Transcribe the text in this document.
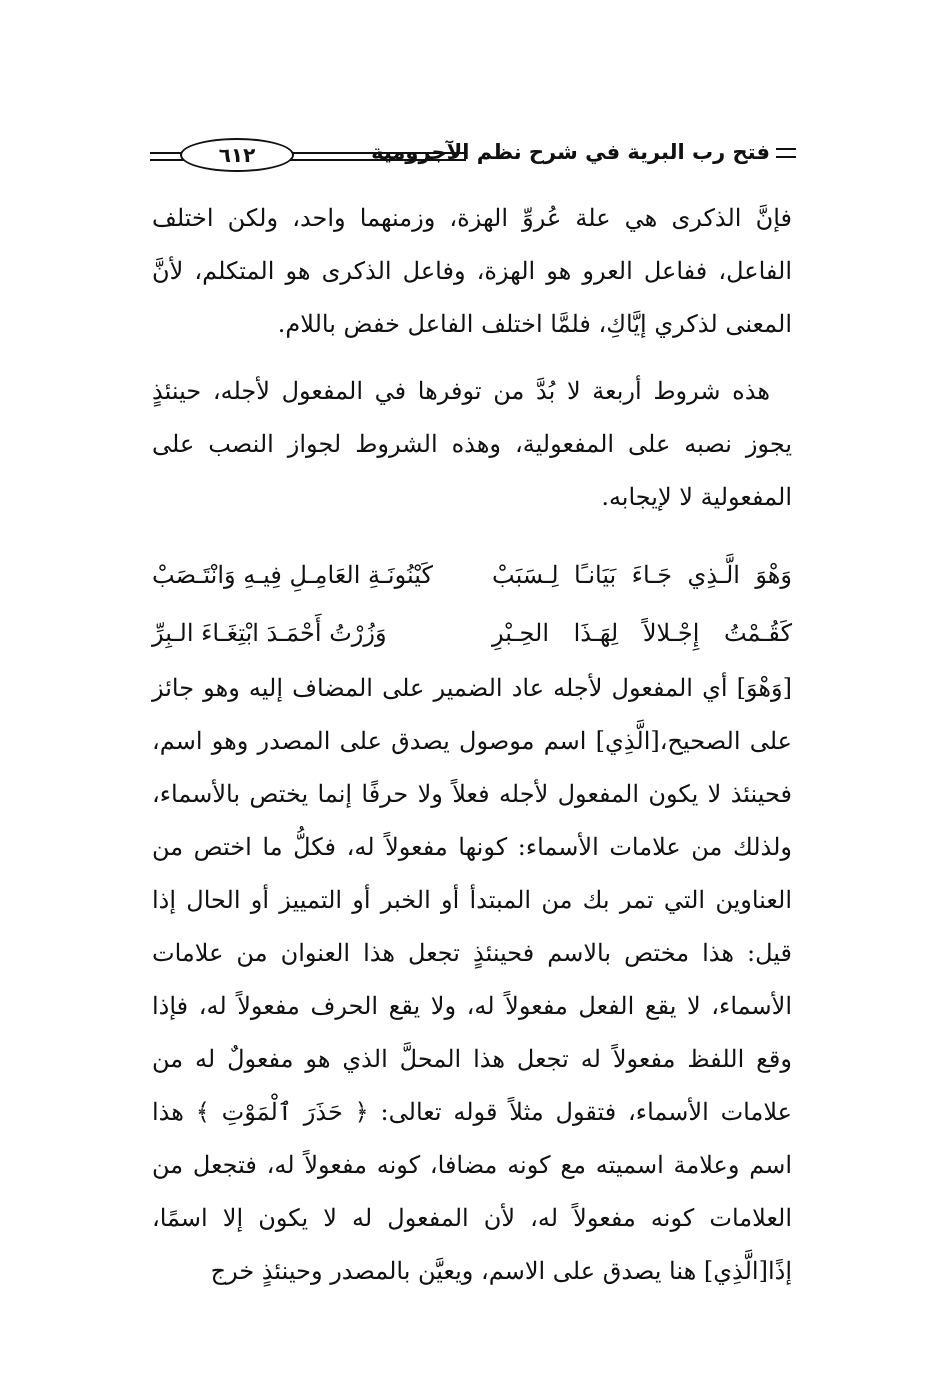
فتح رب البرية في شرح نظم الآجرومية
٦١٢

فإنَّ الذكرى هي علة عُروِّ الهزة، وزمنهما واحد، ولكن اختلف الفاعل، ففاعل العرو هو الهزة، وفاعل الذكرى هو المتكلم، لأنَّ المعنى لذكري إيَّاكِ، فلمَّا اختلف الفاعل خفض باللام.

هذه شروط أربعة لا بُدَّ من توفرها في المفعول لأجله، حينئذٍ يجوز نصبه على المفعولية، وهذه الشروط لجواز النصب على المفعولية لا لإيجابه.

وَهْوَ الَّـذِي جَـاءَ بَيَانـًا لِـسَبَبْ
كَيْنُونَـةِ العَامِـلِ فِيـهِ وَانْتَـصَبْ
كَقُـمْتُ إِجْـلالاً لِهَـذَا الحِـبْرِ
وَزُرْتُ أَحْمَـدَ ابْتِغَـاءَ الـبِرِّ

[وَهْوَ] أي المفعول لأجله عاد الضمير على المضاف إليه وهو جائز على الصحيح،[الَّذِي] اسم موصول يصدق على المصدر وهو اسم، فحينئذ لا يكون المفعول لأجله فعلاً ولا حرفًا إنما يختص بالأسماء، ولذلك من علامات الأسماء: كونها مفعولاً له، فكلُّ ما اختص من العناوين التي تمر بك من المبتدأ أو الخبر أو التمييز أو الحال إذا قيل: هذا مختص بالاسم فحينئذٍ تجعل هذا العنوان من علامات الأسماء، لا يقع الفعل مفعولاً له، ولا يقع الحرف مفعولاً له، فإذا وقع اللفظ مفعولاً له تجعل هذا المحلَّ الذي هو مفعولٌ له من علامات الأسماء، فتقول مثلاً قوله تعالى: ﴿ حَذَرَ ٱلْمَوْتِ ﴾ هذا اسم وعلامة اسميته مع كونه مضافا، كونه مفعولاً له، فتجعل من العلامات كونه مفعولاً له، لأن المفعول له لا يكون إلا اسمًا، إذًا[الَّذِي] هنا يصدق على الاسم، ويعيَّن بالمصدر وحينئذٍ خرج
